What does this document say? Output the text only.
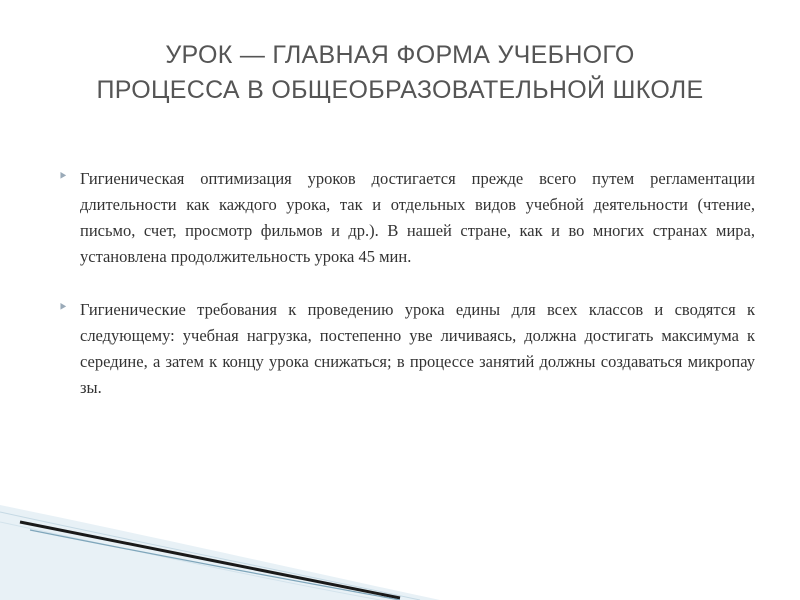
УРОК — ГЛАВНАЯ ФОРМА УЧЕБНОГО
ПРОЦЕССА В ОБЩЕОБРАЗОВАТЕЛЬНОЙ ШКОЛЕ
⯈ Гигиеническая оптимизация уроков достигается прежде всего путем регламентации длительности как каждого урока, так и отдельных видов учебной деятельности (чтение, письмо, счет, просмотр фильмов и др.). В нашей стране, как и во многих странах мира, установлена продолжительность урока 45 мин.
⯈ Гигиенические требования к проведению урока едины для всех классов и сводятся к следующему: учебная нагрузка, постепенно уве личиваясь, должна достигать максимума к середине, а затем к концу урока снижаться; в процессе занятий должны создаваться микропау зы.
